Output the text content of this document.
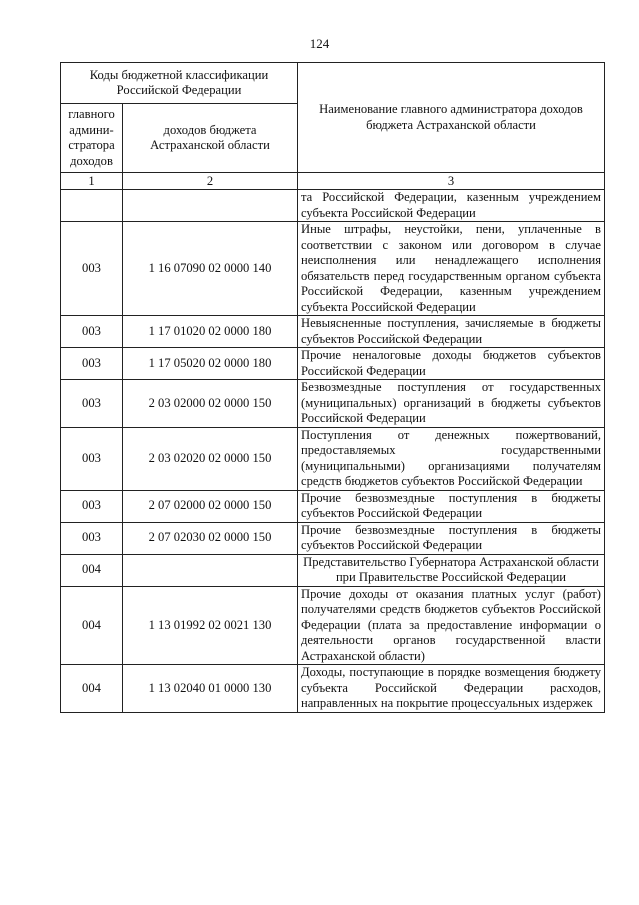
124
Коды бюджетной классификации Российской Федерации		Наименование главного администратора доходов бюджета Астраханской области
главного админи-стратора доходов	доходов бюджета Астраханской области	
1	2	3
		та Российской Федерации, казенным учреждением субъекта Российской Федерации
003	1 16 07090 02 0000 140	Иные штрафы, неустойки, пени, уплаченные в соответствии с законом или договором в случае неисполнения или ненадлежащего исполнения обязательств перед государственным органом субъекта Российской Федерации, казенным учреждением субъекта Российской Федерации
003	1 17 01020 02 0000 180	Невыясненные поступления, зачисляемые в бюджеты субъектов Российской Федерации
003	1 17 05020 02 0000 180	Прочие неналоговые доходы бюджетов субъектов Российской Федерации
003	2 03 02000 02 0000 150	Безвозмездные поступления от государственных (муниципальных) организаций в бюджеты субъектов Российской Федерации
003	2 03 02020 02 0000 150	Поступления от денежных пожертвований, предоставляемых государственными (муниципальными) организациями получателям средств бюджетов субъектов Российской Федерации
003	2 07 02000 02 0000 150	Прочие безвозмездные поступления в бюджеты субъектов Российской Федерации
003	2 07 02030 02 0000 150	Прочие безвозмездные поступления в бюджеты субъектов Российской Федерации
004		Представительство Губернатора Астраханской области при Правительстве Российской Федерации
004	1 13 01992 02 0021 130	Прочие доходы от оказания платных услуг (работ) получателями средств бюджетов субъектов Российской Федерации (плата за предоставление информации о деятельности органов государственной власти Астраханской области)
004	1 13 02040 01 0000 130	Доходы, поступающие в порядке возмещения бюджету субъекта Российской Федерации расходов, направленных на покрытие процессуальных издержек
